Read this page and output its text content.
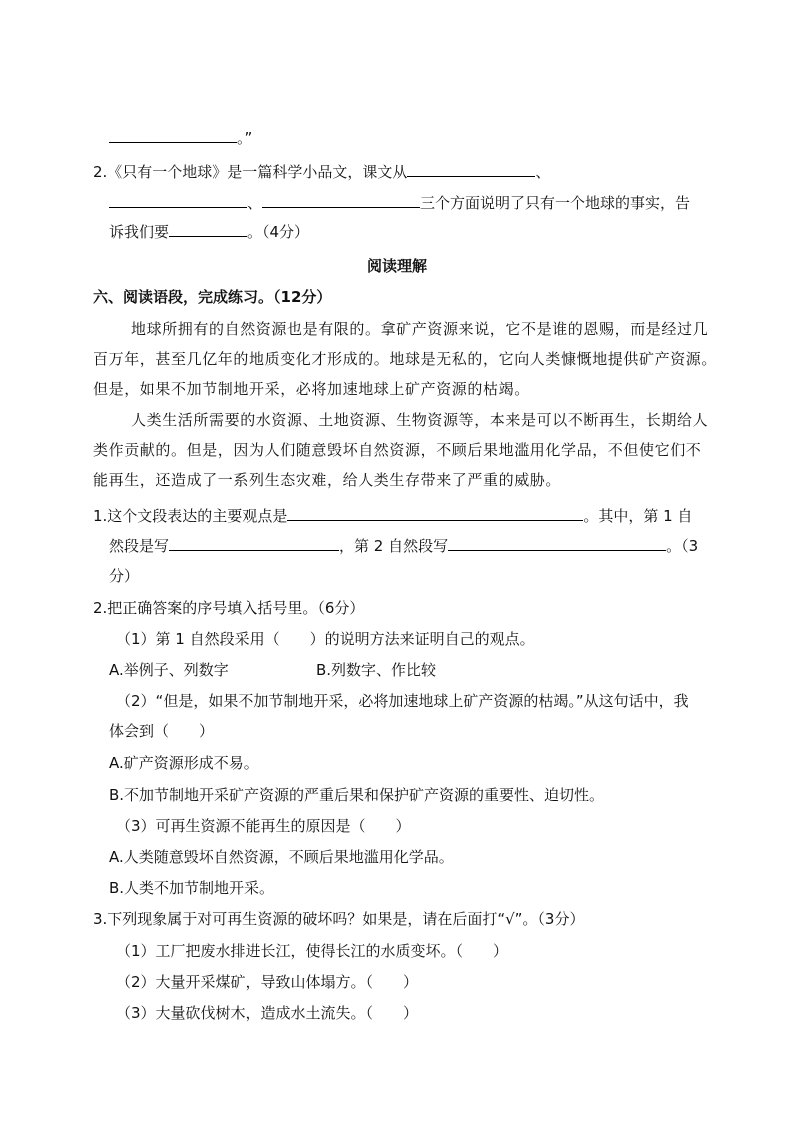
。”
2.《只有一个地球》是一篇科学小品文，课文从	、
、	三个方面说明了只有一个地球的事实，告
诉我们要	。（4分）
阅读理解
六、阅读语段，完成练习。（12分）
地球所拥有的自然资源也是有限的。拿矿产资源来说，它不是谁的恩赐，而是经过几
百万年，甚至几亿年的地质变化才形成的。地球是无私的，它向人类慷慨地提供矿产资源。
但是，如果不加节制地开采，必将加速地球上矿产资源的枯竭。
人类生活所需要的水资源、土地资源、生物资源等，本来是可以不断再生，长期给人
类作贡献的。但是，因为人们随意毁坏自然资源，不顾后果地滥用化学品，不但使它们不
能再生，还造成了一系列生态灾难，给人类生存带来了严重的威胁。
1.这个文段表达的主要观点是	。其中，第 1 自
然段是写	，第 2 自然段写	。（3
分）
2.把正确答案的序号填入括号里。（6分）
（1）第 1 自然段采用（　　）的说明方法来证明自己的观点。
A.举例子、列数字	B.列数字、作比较
（2）“但是，如果不加节制地开采，必将加速地球上矿产资源的枯竭。”从这句话中，我
体会到（　　）
A.矿产资源形成不易。
B.不加节制地开采矿产资源的严重后果和保护矿产资源的重要性、迫切性。
（3）可再生资源不能再生的原因是（　　）
A.人类随意毁坏自然资源，不顾后果地滥用化学品。
B.人类不加节制地开采。
3.下列现象属于对可再生资源的破坏吗？如果是，请在后面打“√”。（3分）
（1）工厂把废水排进长江，使得长江的水质变坏。（　　）
（2）大量开采煤矿，导致山体塌方。（　　）
（3）大量砍伐树木，造成水土流失。（　　）
